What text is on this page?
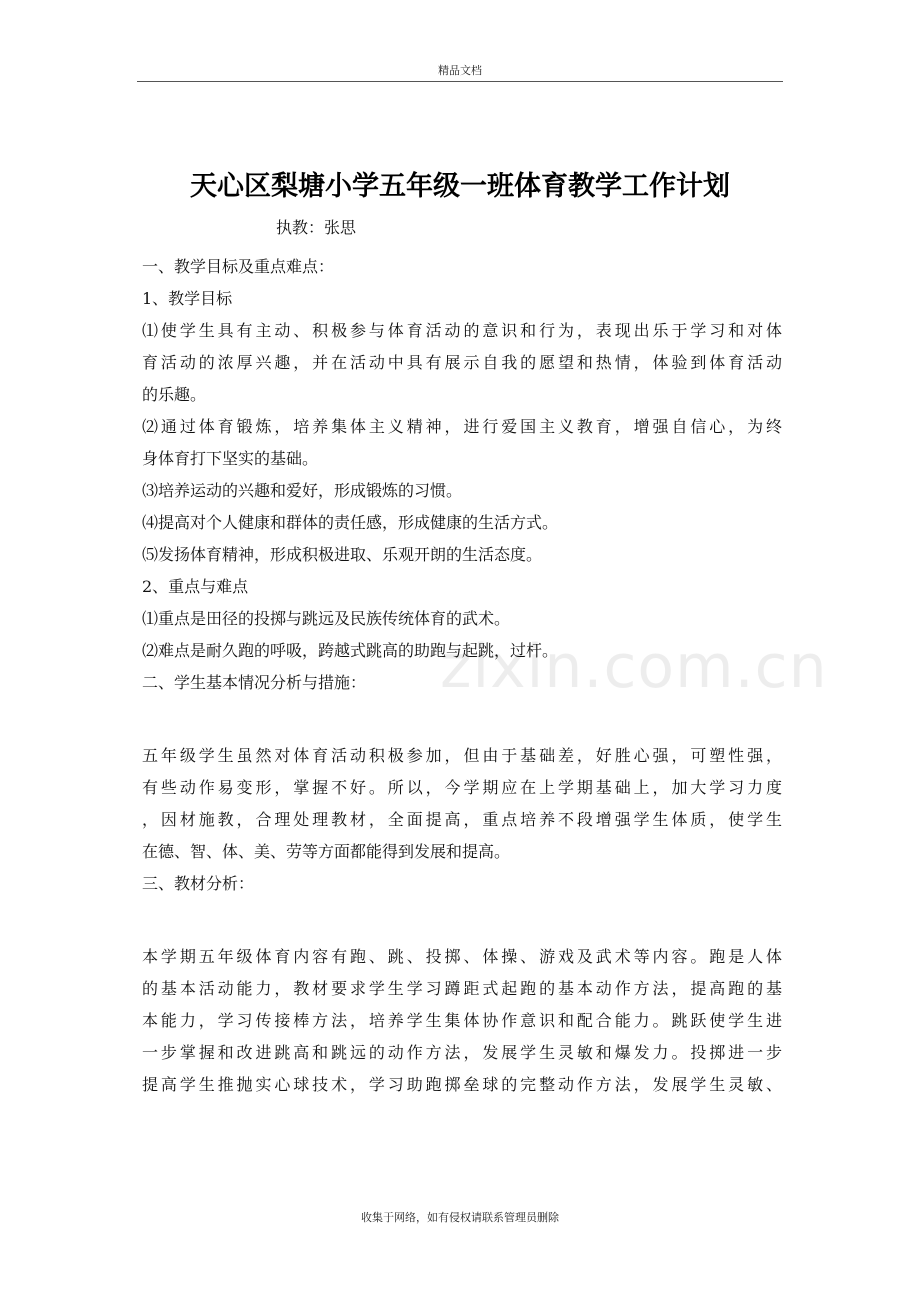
精品文档
天心区梨塘小学五年级一班体育教学工作计划
执教：张思
一、教学目标及重点难点：
1、教学目标
⑴使学生具有主动、积极参与体育活动的意识和行为，表现出乐于学习和对体
育活动的浓厚兴趣，并在活动中具有展示自我的愿望和热情，体验到体育活动
的乐趣。
⑵通过体育锻炼，培养集体主义精神，进行爱国主义教育，增强自信心，为终
身体育打下坚实的基础。
⑶培养运动的兴趣和爱好，形成锻炼的习惯。
⑷提高对个人健康和群体的责任感，形成健康的生活方式。
⑸发扬体育精神，形成积极进取、乐观开朗的生活态度。
2、重点与难点
⑴重点是田径的投掷与跳远及民族传统体育的武术。
⑵难点是耐久跑的呼吸，跨越式跳高的助跑与起跳，过杆。
二、学生基本情况分析与措施：
五年级学生虽然对体育活动积极参加，但由于基础差，好胜心强，可塑性强，
有些动作易变形，掌握不好。所以，今学期应在上学期基础上，加大学习力度
，因材施教，合理处理教材，全面提高，重点培养不段增强学生体质，使学生
在德、智、体、美、劳等方面都能得到发展和提高。
三、教材分析：
本学期五年级体育内容有跑、跳、投掷、体操、游戏及武术等内容。跑是人体
的基本活动能力，教材要求学生学习蹲距式起跑的基本动作方法，提高跑的基
本能力，学习传接棒方法，培养学生集体协作意识和配合能力。跳跃使学生进
一步掌握和改进跳高和跳远的动作方法，发展学生灵敏和爆发力。投掷进一步
提高学生推抛实心球技术，学习助跑掷垒球的完整动作方法，发展学生灵敏、
zixin.com.cn
收集于网络，如有侵权请联系管理员删除
